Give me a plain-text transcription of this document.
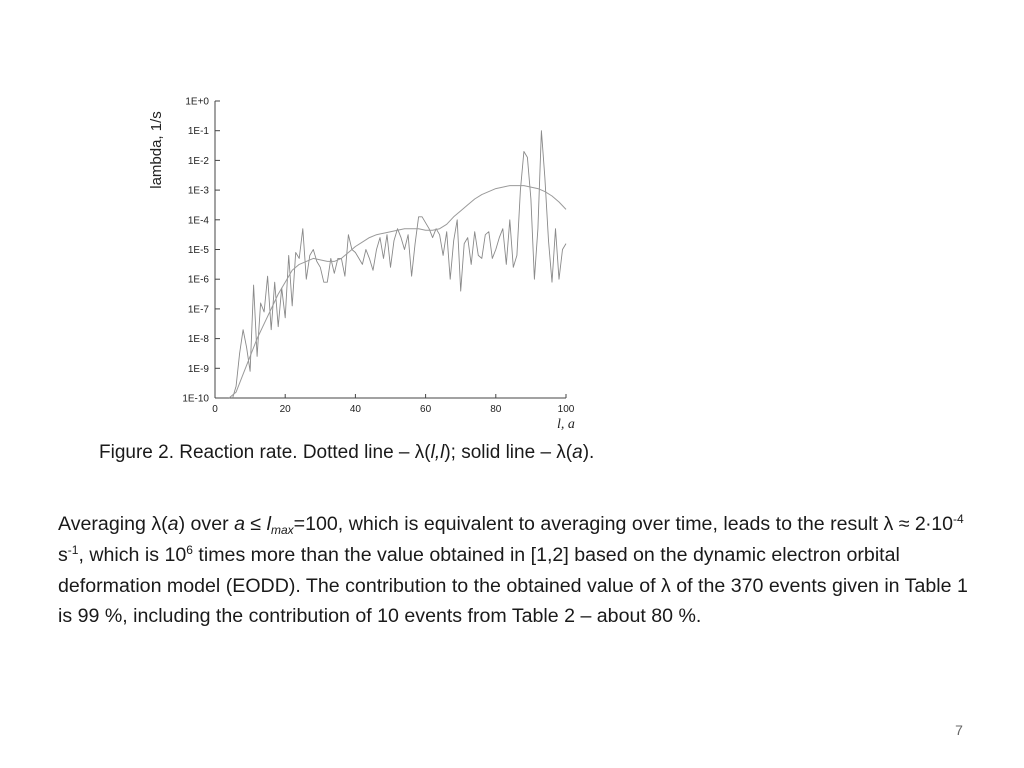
1E+0
1E-1
1E-2
1E-3
1E-4
1E-5
1E-6
1E-7
1E-8
1E-9
1E-10
0	20	40	60	80	100
lambda, 1/s
l, a
Figure 2. Reaction rate. Dotted line – λ(l,l); solid line – λ(a).

Averaging λ(a) over $a \le l_{max}=100$, which is equivalent to averaging over time, leads to the result $\lambda \approx 2\cdot 10^{-4}$ $s^{-1}$, which is $10^6$ times more than the value obtained in [1,2] based on the dynamic electron orbital deformation model (EODD). The contribution to the obtained value of λ of the 370 events given in Table 1 is 99 %, including the contribution of 10 events from Table 2 – about 80 %.

7
